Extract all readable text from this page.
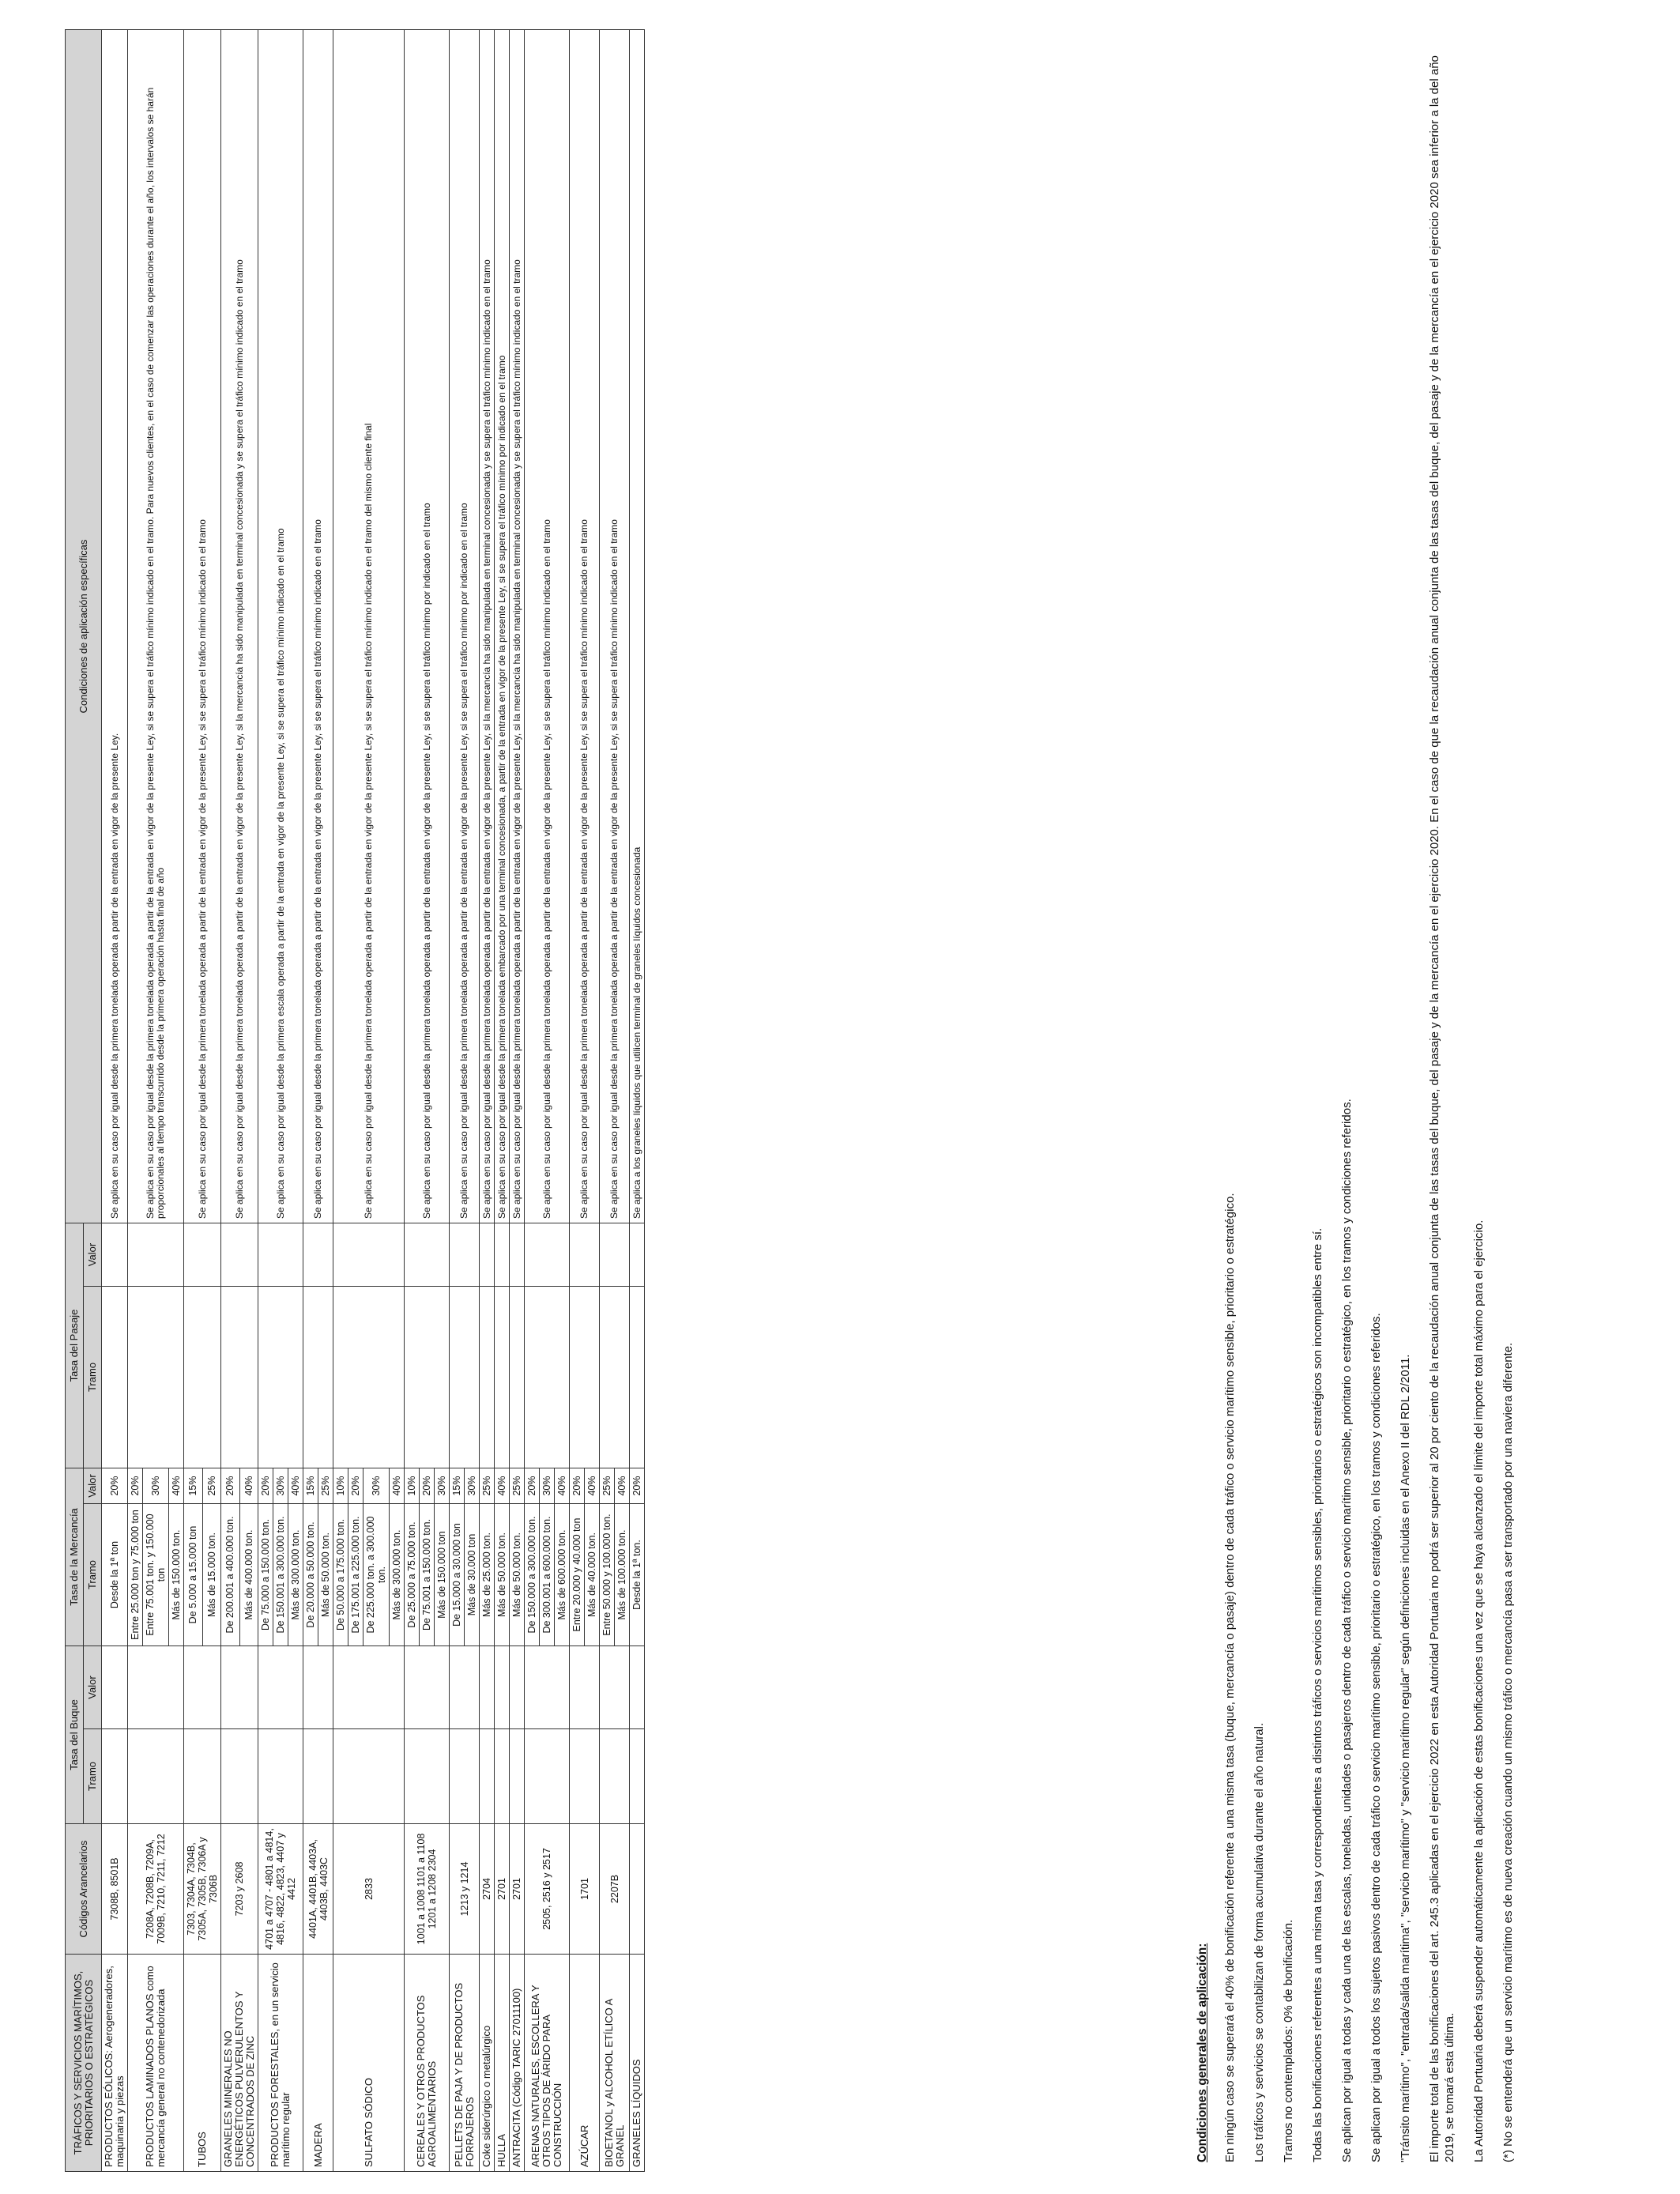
TRÁFICOS Y SERVICIOS MARÍTIMOS, PRIORITARIOS O ESTRATÉGICOS	Códigos Arancelarios	Tasa del Buque		Tasa de la Mercancía		Tasa del Pasaje		Condiciones de aplicación específicas
		Tramo	Valor	Tramo	Valor	Tramo	Valor	
PRODUCTOS EÓLICOS: Aerogeneradores, maquinaria y piezas	7308B, 8501B			Desde la 1ª ton	20%			Se aplica en su caso por igual desde la primera tonelada operada a partir de la entrada en vigor de la presente Ley.
PRODUCTOS LAMINADOS PLANOS como mercancía general no contenedorizada	7208A, 7208B, 7209A, 7009B, 7210, 7211, 7212			Entre 25.000 ton y 75.000 ton	20%			Se aplica en su caso por igual desde la primera tonelada operada a partir de la entrada en vigor de la presente Ley, si se supera el tráfico mínimo indicado en el tramo. Para nuevos clientes, en el caso de comenzar las operaciones durante el año, los intervalos se harán proporcionales al tiempo transcurrido desde la primera operación hasta final de año
				Entre 75.001 ton. y 150.000 ton	30%			
				Más de 150.000 ton.	40%			
TUBOS	7303, 7304A, 7304B, 7305A, 7305B, 7306A y 7306B			De 5.000 a 15.000 ton	15%			Se aplica en su caso por igual desde la primera tonelada operada a partir de la entrada en vigor de la presente Ley, si se supera el tráfico mínimo indicado en el tramo
				Más de 15.000 ton.	25%			
GRANELES MINERALES NO ENERGÉTICOS PULVERULENTOS Y CONCENTRADOS DE ZINC	7203 y 2608			De 200.001 a 400.000 ton.	20%			Se aplica en su caso por igual desde la primera tonelada operada a partir de la entrada en vigor de la presente Ley, si la mercancía ha sido manipulada en terminal concesionada y se supera el tráfico mínimo indicado en el tramo
				Más de 400.000 ton.	40%			
PRODUCTOS FORESTALES, en un servicio marítimo regular	4701 a 4707 - 4801 a 4814, 4816, 4822, 4823, 4407 y 4412			De 75.000 a 150.000 ton.	20%			Se aplica en su caso por igual desde la primera escala operada a partir de la entrada en vigor de la presente Ley, si se supera el tráfico mínimo indicado en el tramo
				De 150.001 a 300.000 ton.	30%			
				Más de 300.000 ton.	40%			
MADERA	4401A, 4401B, 4403A, 4403B, 4403C			De 20.000 a 50.000 ton.	15%			Se aplica en su caso por igual desde la primera tonelada operada a partir de la entrada en vigor de la presente Ley, si se supera el tráfico mínimo indicado en el tramo
				Más de 50.000 ton.	25%			
SULFATO SÓDICO	2833			De 50.000 a 175.000 ton.	10%			Se aplica en su caso por igual desde la primera tonelada operada a partir de la entrada en vigor de la presente Ley, si se supera el tráfico mínimo indicado en el tramo del mismo cliente final
				De 175.001 a 225.000 ton.	20%			
				De 225.000 ton. a 300.000 ton.	30%			
				Más de 300.000 ton.	40%			
CEREALES Y OTROS PRODUCTOS AGROALIMENTARIOS	1001 a 1008 1101 a 1108 1201 a 1208 2304			De 25.000 a 75.000 ton.	10%			Se aplica en su caso por igual desde la primera tonelada operada a partir de la entrada en vigor de la presente Ley, si se supera el tráfico mínimo por indicado en el tramo
				De 75.001 a 150.000 ton.	20%			
				Más de 150.000 ton	30%			
PELLETS DE PAJA Y DE PRODUCTOS FORRAJEROS	1213 y 1214			De 15.000 a 30.000 ton	15%			Se aplica en su caso por igual desde la primera tonelada operada a partir de la entrada en vigor de la presente Ley, si se supera el tráfico mínimo por indicado en el tramo
				Más de 30.000 ton	30%			
Coke siderúrgico o metalúrgico	2704			Más de 25.000 ton.	25%			Se aplica en su caso por igual desde la primera tonelada operada a partir de la entrada en vigor de la presente Ley, si la mercancía ha sido manipulada en terminal concesionada y se supera el tráfico mínimo indicado en el tramo
HULLA	2701			Más de 50.000 ton.	40%			Se aplica en su caso por igual desde la primera tonelada embarcado por una terminal concesionada, a partir de la entrada en vigor de la presente Ley, si se supera el tráfico mínimo por indicado en el tramo
ANTRACITA (Código TARIC 27011100)	2701			Más de 50.000 ton.	25%			Se aplica en su caso por igual desde la primera tonelada operada a partir de la entrada en vigor de la presente Ley, si la mercancía ha sido manipulada en terminal concesionada y se supera el tráfico mínimo indicado en el tramo
ARENAS NATURALES, ESCOLLERA Y OTROS TIPOS DE ÁRIDO PARA CONSTRUCCIÓN	2505, 2516 y 2517			De 150.000 a 300.000 ton.	20%			Se aplica en su caso por igual desde la primera tonelada operada a partir de la entrada en vigor de la presente Ley, si se supera el tráfico mínimo indicado en el tramo
				De 300.001 a 600.000 ton.	30%			
				Más de 600.000 ton.	40%			
AZÚCAR	1701			Entre 20.000 y 40.000 ton	20%			Se aplica en su caso por igual desde la primera tonelada operada a partir de la entrada en vigor de la presente Ley, si se supera el tráfico mínimo indicado en el tramo
				Más de 40.000 ton.	40%			
BIOETANOL y ALCOHOL ETÍLICO A GRANEL	2207B			Entre 50.000 y 100.000 ton.	25%			Se aplica en su caso por igual desde la primera tonelada operada a partir de la entrada en vigor de la presente Ley, si se supera el tráfico mínimo indicado en el tramo
				Más de 100.000 ton.	40%			
GRANELES LÍQUIDOS				Desde la 1ª ton.	20%			Se aplica a los graneles líquidos que utilicen terminal de graneles líquidos concesionada
Condiciones generales de aplicación: En ningún caso se superará el 40% de bonificación referente a una misma tasa (buque, mercancía o pasaje) dentro de cada tráfico o servicio marítimo sensible, prioritario o estratégico. Los tráficos y servicios se contabilizan de forma acumulativa durante el año natural. Tramos no contemplados: 0% de bonificación. Todas las bonificaciones referentes a una misma tasa y correspondientes a distintos tráficos o servicios marítimos sensibles, prioritarios o estratégicos son incompatibles entre sí. Se aplican por igual a todas y cada una de las escalas, toneladas, unidades o pasajeros dentro de cada tráfico o servicio marítimo sensible, prioritario o estratégico, en los tramos y condiciones referidos. Se aplican por igual a todos los sujetos pasivos dentro de cada tráfico o servicio marítimo sensible, prioritario o estratégico, en los tramos y condiciones referidos. "Tránsito marítimo", "entrada/salida marítima", "servicio marítimo" y "servicio marítimo regular" según definiciones incluidas en el Anexo II del RDL 2/2011. El importe total de las bonificaciones del art. 245.3 aplicadas en el ejercicio 2022 en esta Autoridad Portuaria no podrá ser superior al 20 por ciento de la recaudación anual conjunta de las tasas del buque, del pasaje y de la mercancía en el ejercicio 2020. En el caso de que la recaudación anual conjunta de las tasas del buque, del pasaje y de la mercancía en el ejercicio 2020 sea inferior a la del año 2019, se tomará esta última. La Autoridad Portuaria deberá suspender automáticamente la aplicación de estas bonificaciones una vez que se haya alcanzado el límite del importe total máximo para el ejercicio. (*) No se entenderá que un servicio marítimo es de nueva creación cuando un mismo tráfico o mercancía pasa a ser transportado por una naviera diferente.
